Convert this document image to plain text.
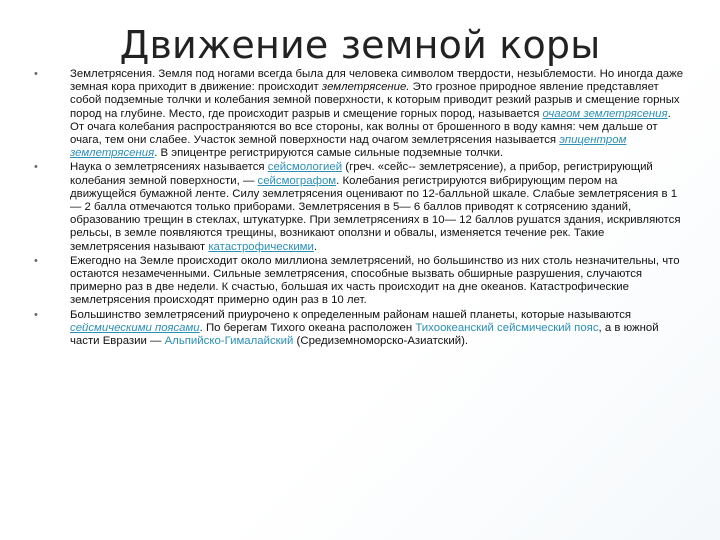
Движение земной коры
•	Землетрясения. Земля под ногами всегда была для человека символом твердости, незыблемости. Но иногда даже земная кора приходит в движение: происходит землетрясение. Это грозное природное явление представляет собой подземные толчки и колебания земной поверхности, к которым приводит резкий разрыв и смещение горных пород на глубине. Место, где происходит разрыв и смещение горных пород, называется очагом землетрясения. От очага колебания распространяются во все стороны, как волны от брошенного в воду камня: чем дальше от очага, тем они слабее. Участок земной поверхности над очагом землетрясения называется эпицентром землетрясения. В эпицентре регистрируются самые сильные подземные толчки.
•	Наука о землетрясениях называется сейсмологией (греч. «сейс-- землетрясение), а прибор, регистрирующий колебания земной поверхности, — сейсмографом. Колебания регистрируются вибрирующим пером на движущейся бумажной ленте. Силу землетрясения оценивают по 12-балльной шкале. Слабые землетрясения в 1— 2 балла отмечаются только приборами. Землетрясения в 5— 6 баллов приводят к сотрясению зданий, образованию трещин в стеклах, штукатурке. При землетрясениях в 10— 12 баллов рушатся здания, искривляются рельсы, в земле появляются трещины, возникают оползни и обвалы, изменяется течение рек. Такие землетрясения называют катастрофическими.
•	Ежегодно на Земле происходит около миллиона землетрясений, но большинство из них столь незначительны, что остаются незамеченными. Сильные землетрясения, способные вызвать обширные разрушения, случаются примерно раз в две недели. К счастью, большая их часть происходит на дне океанов. Катастрофические землетрясения происходят примерно один раз в 10 лет.
•	Большинство землетрясений приурочено к определенным районам нашей планеты, которые называются сейсмическими поясами. По берегам Тихого океана расположен Тихоокеанский сейсмический пояс, а в южной части Евразии — Альпийско-Гималайский (Средиземноморско-Азиатский).
